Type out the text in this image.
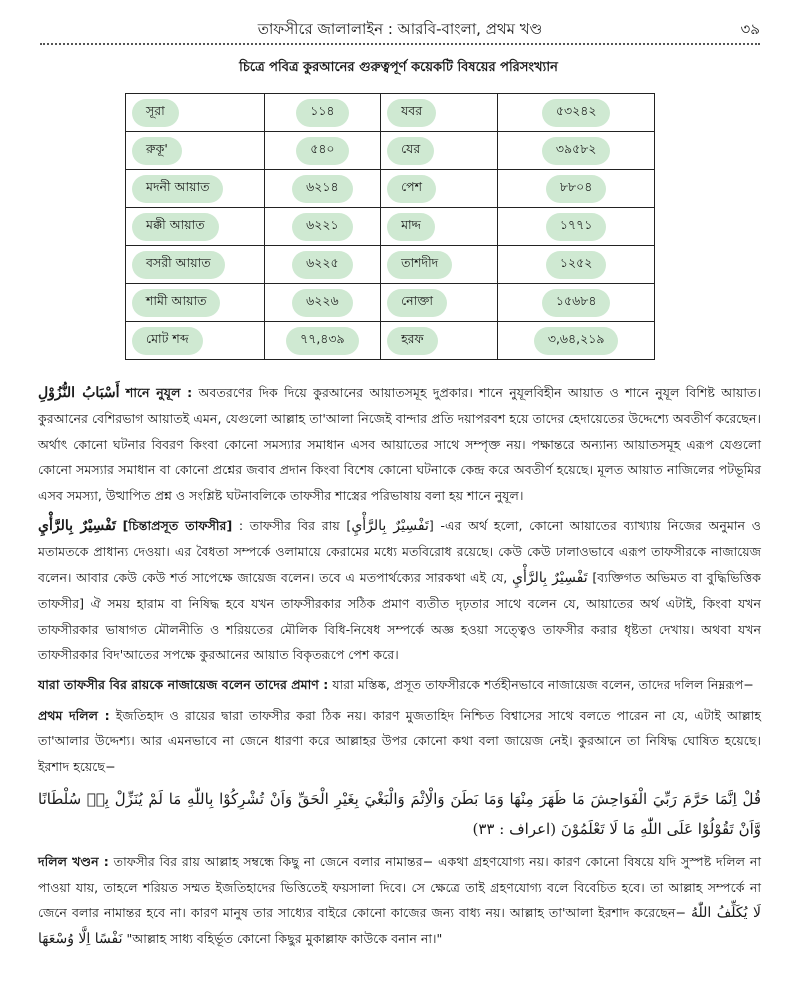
তাফসীরে জালালাইন : আরবি-বাংলা, প্রথম খণ্ড	৩৯
চিত্রে পবিত্র কুরআনের গুরুত্বপূর্ণ কয়েকটি বিষয়ের পরিসংখ্যান
সূরা	১১৪	যবর	৫৩২৪২
রুকূ'	৫৪০	যের	৩৯৫৮২
মদনী আয়াত	৬২১৪	পেশ	৮৮০৪
মক্কী আয়াত	৬২২১	মাদ্দ	১৭৭১
বসরী আয়াত	৬২২৫	তাশদীদ	১২৫২
শামী আয়াত	৬২২৬	নোক্তা	১৫৬৮৪
মোট শব্দ	৭৭,৪৩৯	হরফ	৩,৬৪,২১৯

أَسْبَابُ النُّزُوْلِ শানে নুযূল : অবতরণের দিক দিয়ে কুরআনের আয়াতসমূহ দুপ্রকার। শানে নুযূলবিহীন আয়াত ও শানে নুযূল বিশিষ্ট আয়াত। কুরআনের বেশিরভাগ আয়াতই এমন, যেগুলো আল্লাহ তা'আলা নিজেই বান্দার প্রতি দয়াপরবশ হয়ে তাদের হেদায়েতের উদ্দেশ্যে অবতীর্ণ করেছেন। অর্থাৎ কোনো ঘটনার বিবরণ কিংবা কোনো সমস্যার সমাধান এসব আয়াতের সাথে সম্পৃক্ত নয়। পক্ষান্তরে অন্যান্য আয়াতসমূহ এরূপ যেগুলো কোনো সমস্যার সমাধান বা কোনো প্রশ্নের জবাব প্রদান কিংবা বিশেষ কোনো ঘটনাকে কেন্দ্র করে অবতীর্ণ হয়েছে। মূলত আয়াত নাজিলের পটভূমির এসব সমস্যা, উত্থাপিত প্রশ্ন ও সংশ্লিষ্ট ঘটনাবলিকে তাফসীর শাস্ত্রের পরিভাষায় বলা হয় শানে নুযূল।

تَفْسِيْرٌ بِالرَّأْيِ [চিন্তাপ্রসূত তাফসীর] : তাফসীর বির রায় [تَفْسِيْرٌ بِالرَّأْيِ] -এর অর্থ হলো, কোনো আয়াতের ব্যাখ্যায় নিজের অনুমান ও মতামতকে প্রাধান্য দেওয়া। এর বৈধতা সম্পর্কে ওলামায়ে কেরামের মধ্যে মতবিরোধ রয়েছে। কেউ কেউ ঢালাওভাবে এরূপ তাফসীরকে নাজায়েজ বলেন। আবার কেউ কেউ শর্ত সাপেক্ষে জায়েজ বলেন। তবে এ মতপার্থক্যের সারকথা এই যে, تَفْسِيْرٌ بِالرَّأْيِ [ব্যক্তিগত অভিমত বা বুদ্ধিভিত্তিক তাফসীর] ঐ সময় হারাম বা নিষিদ্ধ হবে যখন তাফসীরকার সঠিক প্রমাণ ব্যতীত দৃঢ়তার সাথে বলেন যে, আয়াতের অর্থ এটাই, কিংবা যখন তাফসীরকার ভাষাগত মৌলনীতি ও শরিয়তের মৌলিক বিধি-নিষেধ সম্পর্কে অজ্ঞ হওয়া সত্ত্বেও তাফসীর করার ধৃষ্টতা দেখায়। অথবা যখন তাফসীরকার বিদ'আতের সপক্ষে কুরআনের আয়াত বিকৃতরূপে পেশ করে।

যারা তাফসীর বির রায়কে নাজায়েজ বলেন তাদের প্রমাণ : যারা মস্তিষ্ক, প্রসূত তাফসীরকে শর্তহীনভাবে নাজায়েজ বলেন, তাদের দলিল নিম্নরূপ−

প্রথম দলিল : ইজতিহাদ ও রায়ের দ্বারা তাফসীর করা ঠিক নয়। কারণ মুজতাহিদ নিশ্চিত বিশ্বাসের সাথে বলতে পারেন না যে, এটাই আল্লাহ তা'আলার উদ্দেশ্য। আর এমনভাবে না জেনে ধারণা করে আল্লাহর উপর কোনো কথা বলা জায়েজ নেই। কুরআনে তা নিষিদ্ধ ঘোষিত হয়েছে। ইরশাদ হয়েছে−

قُلْ اِنَّمَا حَرَّمَ رَبِّيَ الْفَوَاحِشَ مَا ظَهَرَ مِنْهَا وَمَا بَطَنَ وَالْاِثْمَ وَالْبَغْيَ بِغَيْرِ الْحَقِّ وَاَنْ تُشْرِكُوْا بِاللّٰهِ مَا لَمْ يُنَزِّلْ بِهٖ سُلْطَانًا وَّاَنْ تَقُوْلُوْا عَلَى اللّٰهِ مَا لَا تَعْلَمُوْنَ (اعراف : ٣٣)

দলিল খণ্ডন : তাফসীর বির রায় আল্লাহ সম্বন্ধে কিছু না জেনে বলার নামান্তর− একথা গ্রহণযোগ্য নয়। কারণ কোনো বিষয়ে যদি সুস্পষ্ট দলিল না পাওয়া যায়, তাহলে শরিয়ত সম্মত ইজতিহাদের ভিত্তিতেই ফয়সালা দিবে। সে ক্ষেত্রে তাই গ্রহণযোগ্য বলে বিবেচিত হবে। তা আল্লাহ সম্পর্কে না জেনে বলার নামান্তর হবে না। কারণ মানুষ তার সাধ্যের বাইরে কোনো কাজের জন্য বাধ্য নয়। আল্লাহ তা'আলা ইরশাদ করেছেন− لَا يُكَلِّفُ اللّٰهُ نَفْسًا اِلَّا وُسْعَهَا "আল্লাহ সাধ্য বহির্ভূত কোনো কিছুর মুকাল্লাফ কাউকে বনান না।"
